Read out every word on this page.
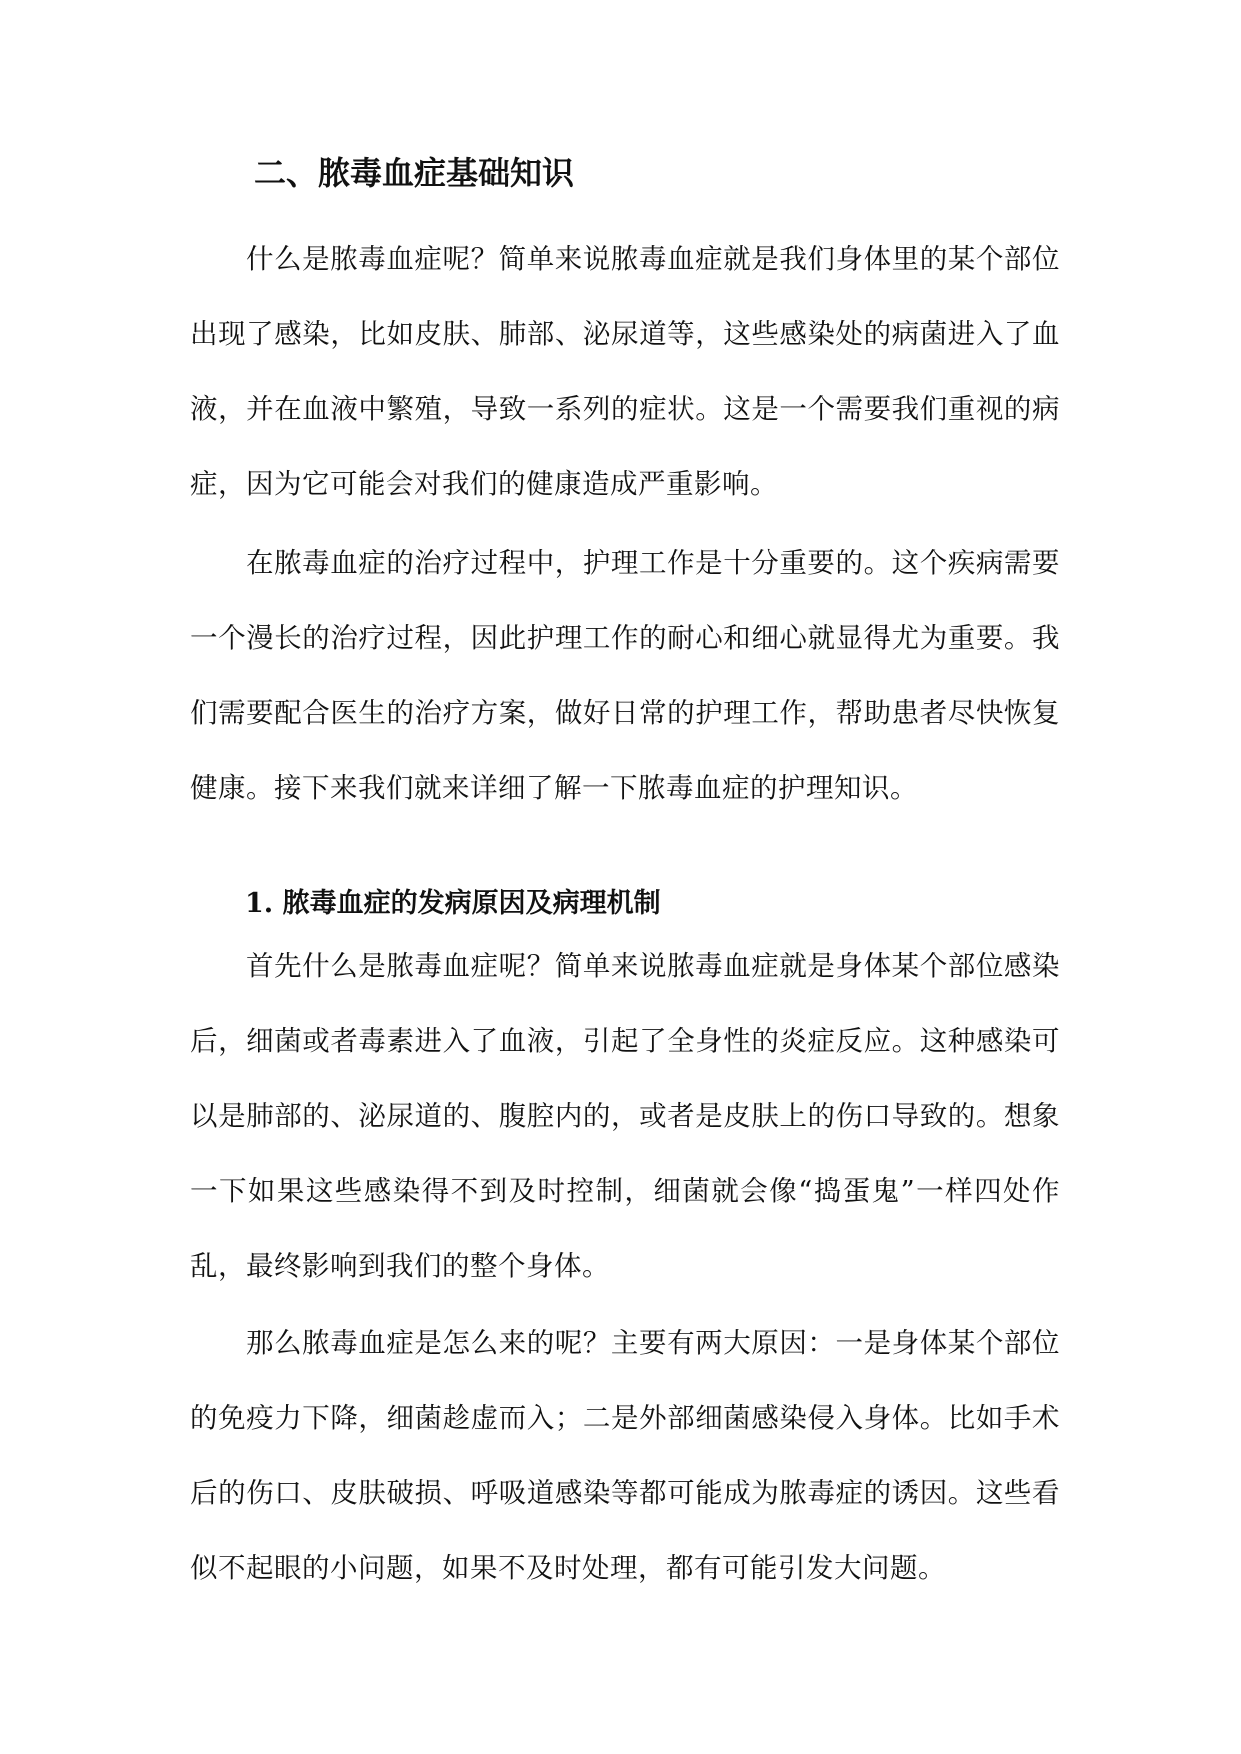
二、脓毒血症基础知识

什么是脓毒血症呢？简单来说脓毒血症就是我们身体里的某个部位出现了感染，比如皮肤、肺部、泌尿道等，这些感染处的病菌进入了血液，并在血液中繁殖，导致一系列的症状。这是一个需要我们重视的病症，因为它可能会对我们的健康造成严重影响。

在脓毒血症的治疗过程中，护理工作是十分重要的。这个疾病需要一个漫长的治疗过程，因此护理工作的耐心和细心就显得尤为重要。我们需要配合医生的治疗方案，做好日常的护理工作，帮助患者尽快恢复健康。接下来我们就来详细了解一下脓毒血症的护理知识。

1. 脓毒血症的发病原因及病理机制

首先什么是脓毒血症呢？简单来说脓毒血症就是身体某个部位感染后，细菌或者毒素进入了血液，引起了全身性的炎症反应。这种感染可以是肺部的、泌尿道的、腹腔内的，或者是皮肤上的伤口导致的。想象一下如果这些感染得不到及时控制，细菌就会像“捣蛋鬼”一样四处作乱，最终影响到我们的整个身体。

那么脓毒血症是怎么来的呢？主要有两大原因：一是身体某个部位的免疫力下降，细菌趁虚而入；二是外部细菌感染侵入身体。比如手术后的伤口、皮肤破损、呼吸道感染等都可能成为脓毒症的诱因。这些看似不起眼的小问题，如果不及时处理，都有可能引发大问题。
